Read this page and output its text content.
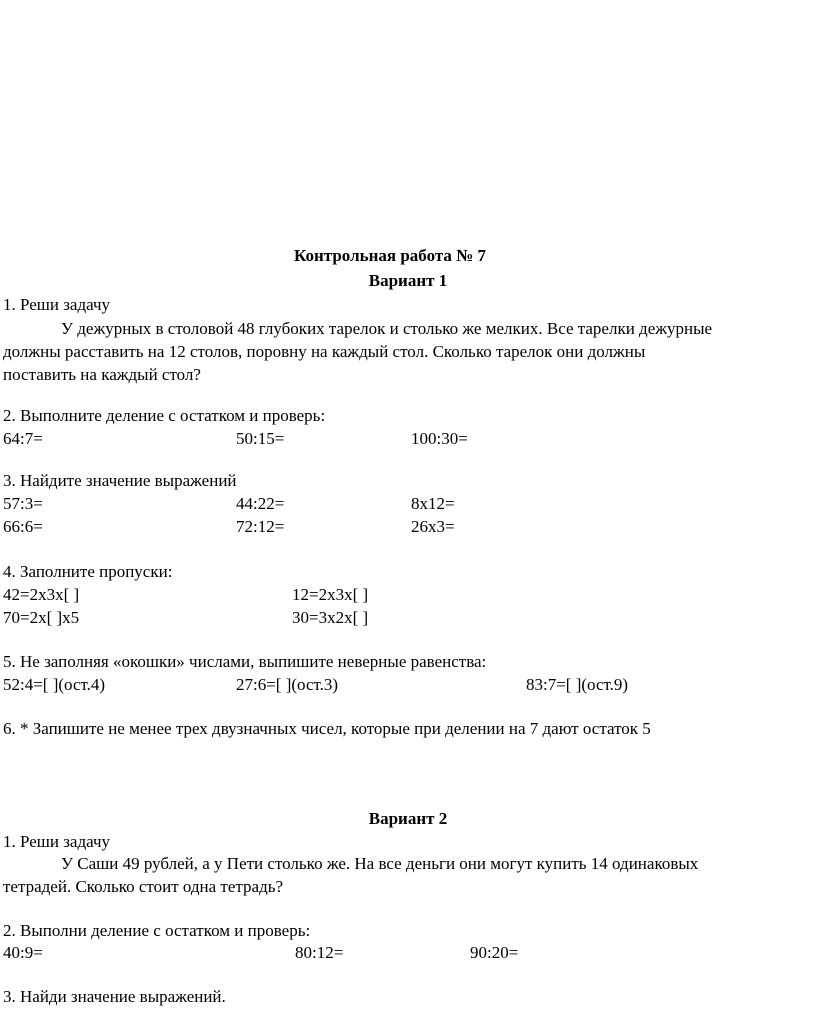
Контрольная работа № 7
Вариант 1
1. Реши задачу
У дежурных в столовой 48 глубоких тарелок и столько же мелких. Все тарелки дежурные
должны расставить на 12 столов, поровну на каждый стол. Сколько тарелок они должны
поставить на каждый стол?
2. Выполните деление с остатком и проверь:
64:7=	50:15=	100:30=
3. Найдите значение выражений
57:3=	44:22=	8х12=
66:6=	72:12=	26х3=
4. Заполните пропуски:
42=2х3х[ ]	12=2х3х[ ]
70=2х[ ]х5	30=3х2х[ ]
5. Не заполняя «окошки» числами, выпишите неверные равенства:
52:4=[ ](ост.4)	27:6=[ ](ост.3)	83:7=[ ](ост.9)
6. * Запишите не менее трех двузначных чисел, которые при делении на 7 дают остаток 5
Вариант 2
1. Реши задачу
У Саши 49 рублей, а у Пети столько же. На все деньги они могут купить 14 одинаковых
тетрадей. Сколько стоит одна тетрадь?
2. Выполни деление с остатком и проверь:
40:9=	80:12=	90:20=
3. Найди значение выражений.
